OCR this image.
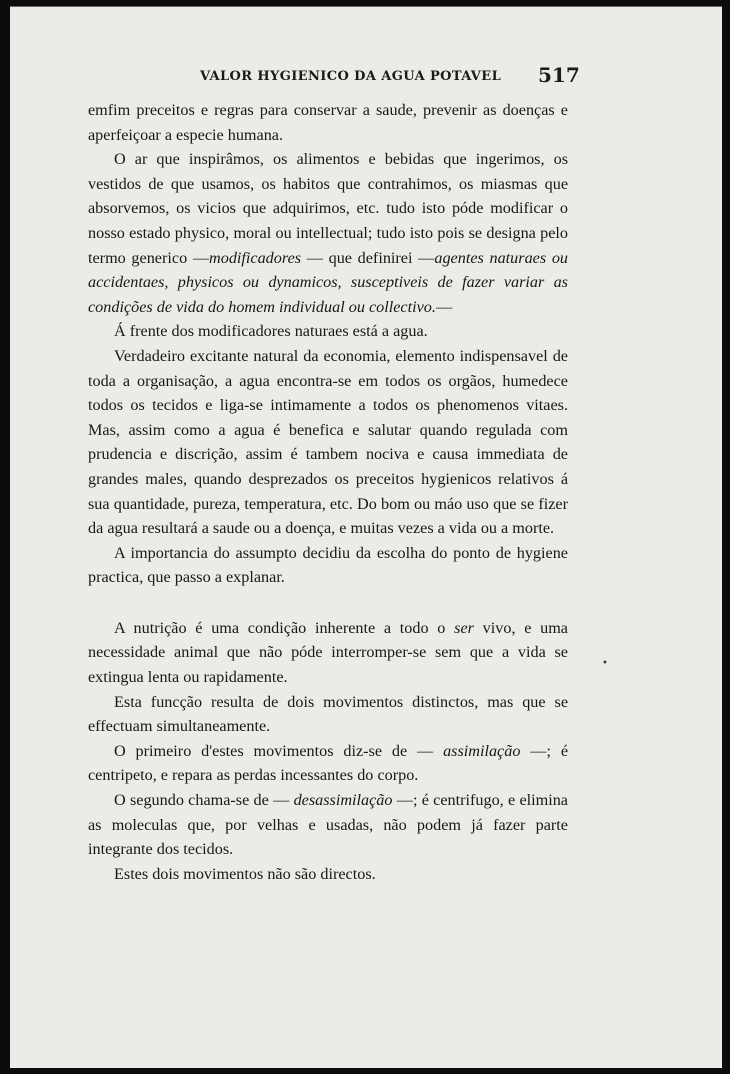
VALOR HYGIENICO DA AGUA POTAVEL 517

emfim preceitos e regras para conservar a saude, prevenir as doenças e aperfeiçoar a especie humana.

O ar que inspirâmos, os alimentos e bebidas que ingerimos, os vestidos de que usamos, os habitos que contrahimos, os miasmas que absorvemos, os vicios que adquirimos, etc. tudo isto póde modificar o nosso estado physico, moral ou intellectual; tudo isto pois se designa pelo termo generico —modificadores — que definirei —agentes naturaes ou accidentaes, physicos ou dynamicos, susceptiveis de fazer variar as condições de vida do homem individual ou collectivo.—

Á frente dos modificadores naturaes está a agua.

Verdadeiro excitante natural da economia, elemento indispensavel de toda a organisação, a agua encontra-se em todos os orgãos, humedece todos os tecidos e liga-se intimamente a todos os phenomenos vitaes. Mas, assim como a agua é benefica e salutar quando regulada com prudencia e discrição, assim é tambem nociva e causa immediata de grandes males, quando desprezados os preceitos hygienicos relativos á sua quantidade, pureza, temperatura, etc. Do bom ou máo uso que se fizer da agua resultará a saude ou a doença, e muitas vezes a vida ou a morte.

A importancia do assumpto decidiu da escolha do ponto de hygiene practica, que passo a explanar.

A nutrição é uma condição inherente a todo o ser vivo, e uma necessidade animal que não póde interromper-se sem que a vida se extingua lenta ou rapidamente.

Esta funcção resulta de dois movimentos distinctos, mas que se effectuam simultaneamente.

O primeiro d'estes movimentos diz-se de — assimilação —; é centripeto, e repara as perdas incessantes do corpo.

O segundo chama-se de — desassimilação —; é centrifugo, e elimina as moleculas que, por velhas e usadas, não podem já fazer parte integrante dos tecidos.

Estes dois movimentos não são directos.

•
